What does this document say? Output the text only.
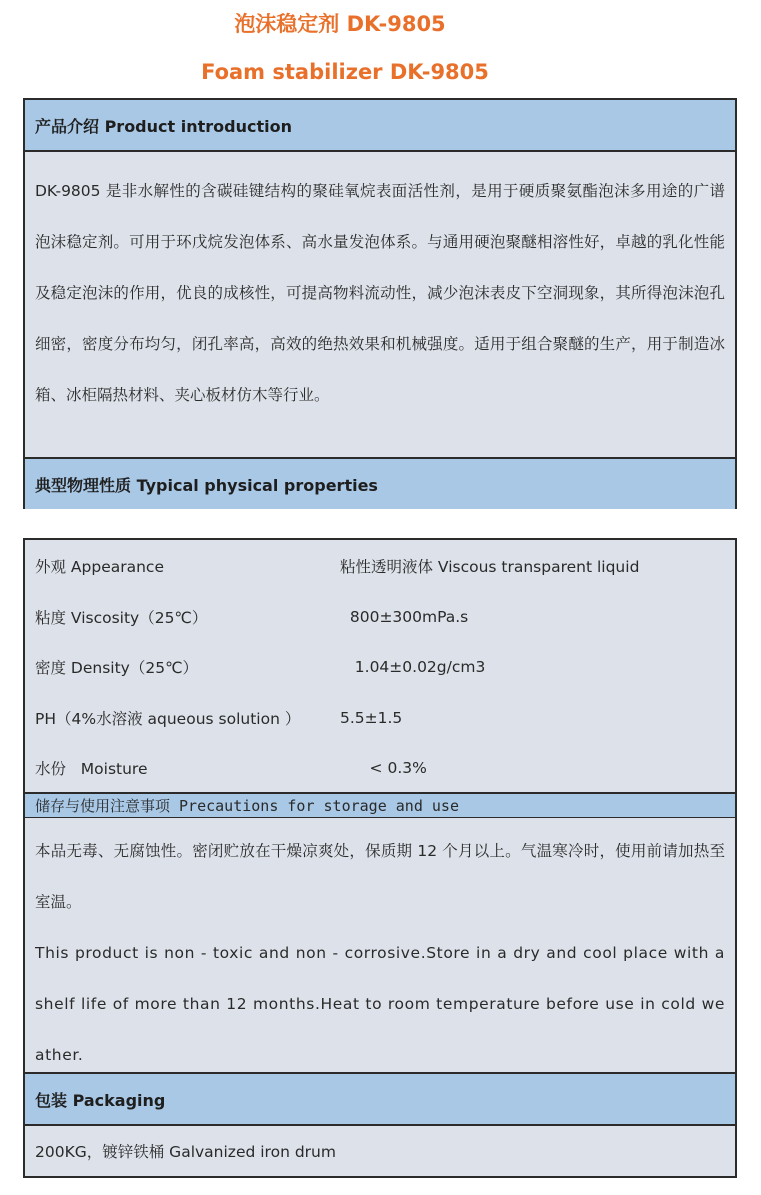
泡沫稳定剂 DK-9805
Foam stabilizer DK-9805
产品介绍 Product introduction
DK-9805 是非水解性的含碳硅键结构的聚硅氧烷表面活性剂，是用于硬质聚氨酯泡沫多用途的广谱泡沫稳定剂。可用于环戊烷发泡体系、高水量发泡体系。与通用硬泡聚醚相溶性好，卓越的乳化性能及稳定泡沫的作用，优良的成核性，可提高物料流动性，减少泡沫表皮下空洞现象，其所得泡沫泡孔细密，密度分布均匀，闭孔率高，高效的绝热效果和机械强度。适用于组合聚醚的生产，用于制造冰箱、冰柜隔热材料、夹心板材仿木等行业。
典型物理性质 Typical physical properties
外观 Appearance	粘性透明液体 Viscous transparent liquid
粘度 Viscosity（25℃）	800±300mPa.s
密度 Density（25℃）	1.04±0.02g/cm3
PH（4%水溶液 aqueous solution ）	5.5±1.5
水份   Moisture	< 0.3%
储存与使用注意事项 Precautions for storage and use
本品无毒、无腐蚀性。密闭贮放在干燥凉爽处，保质期 12 个月以上。气温寒冷时，使用前请加热至室温。
This product is non - toxic and non - corrosive.Store in a dry and cool place with a shelf life of more than 12 months.Heat to room temperature before use in cold weather.
包装 Packaging
200KG，镀锌铁桶 Galvanized iron drum
